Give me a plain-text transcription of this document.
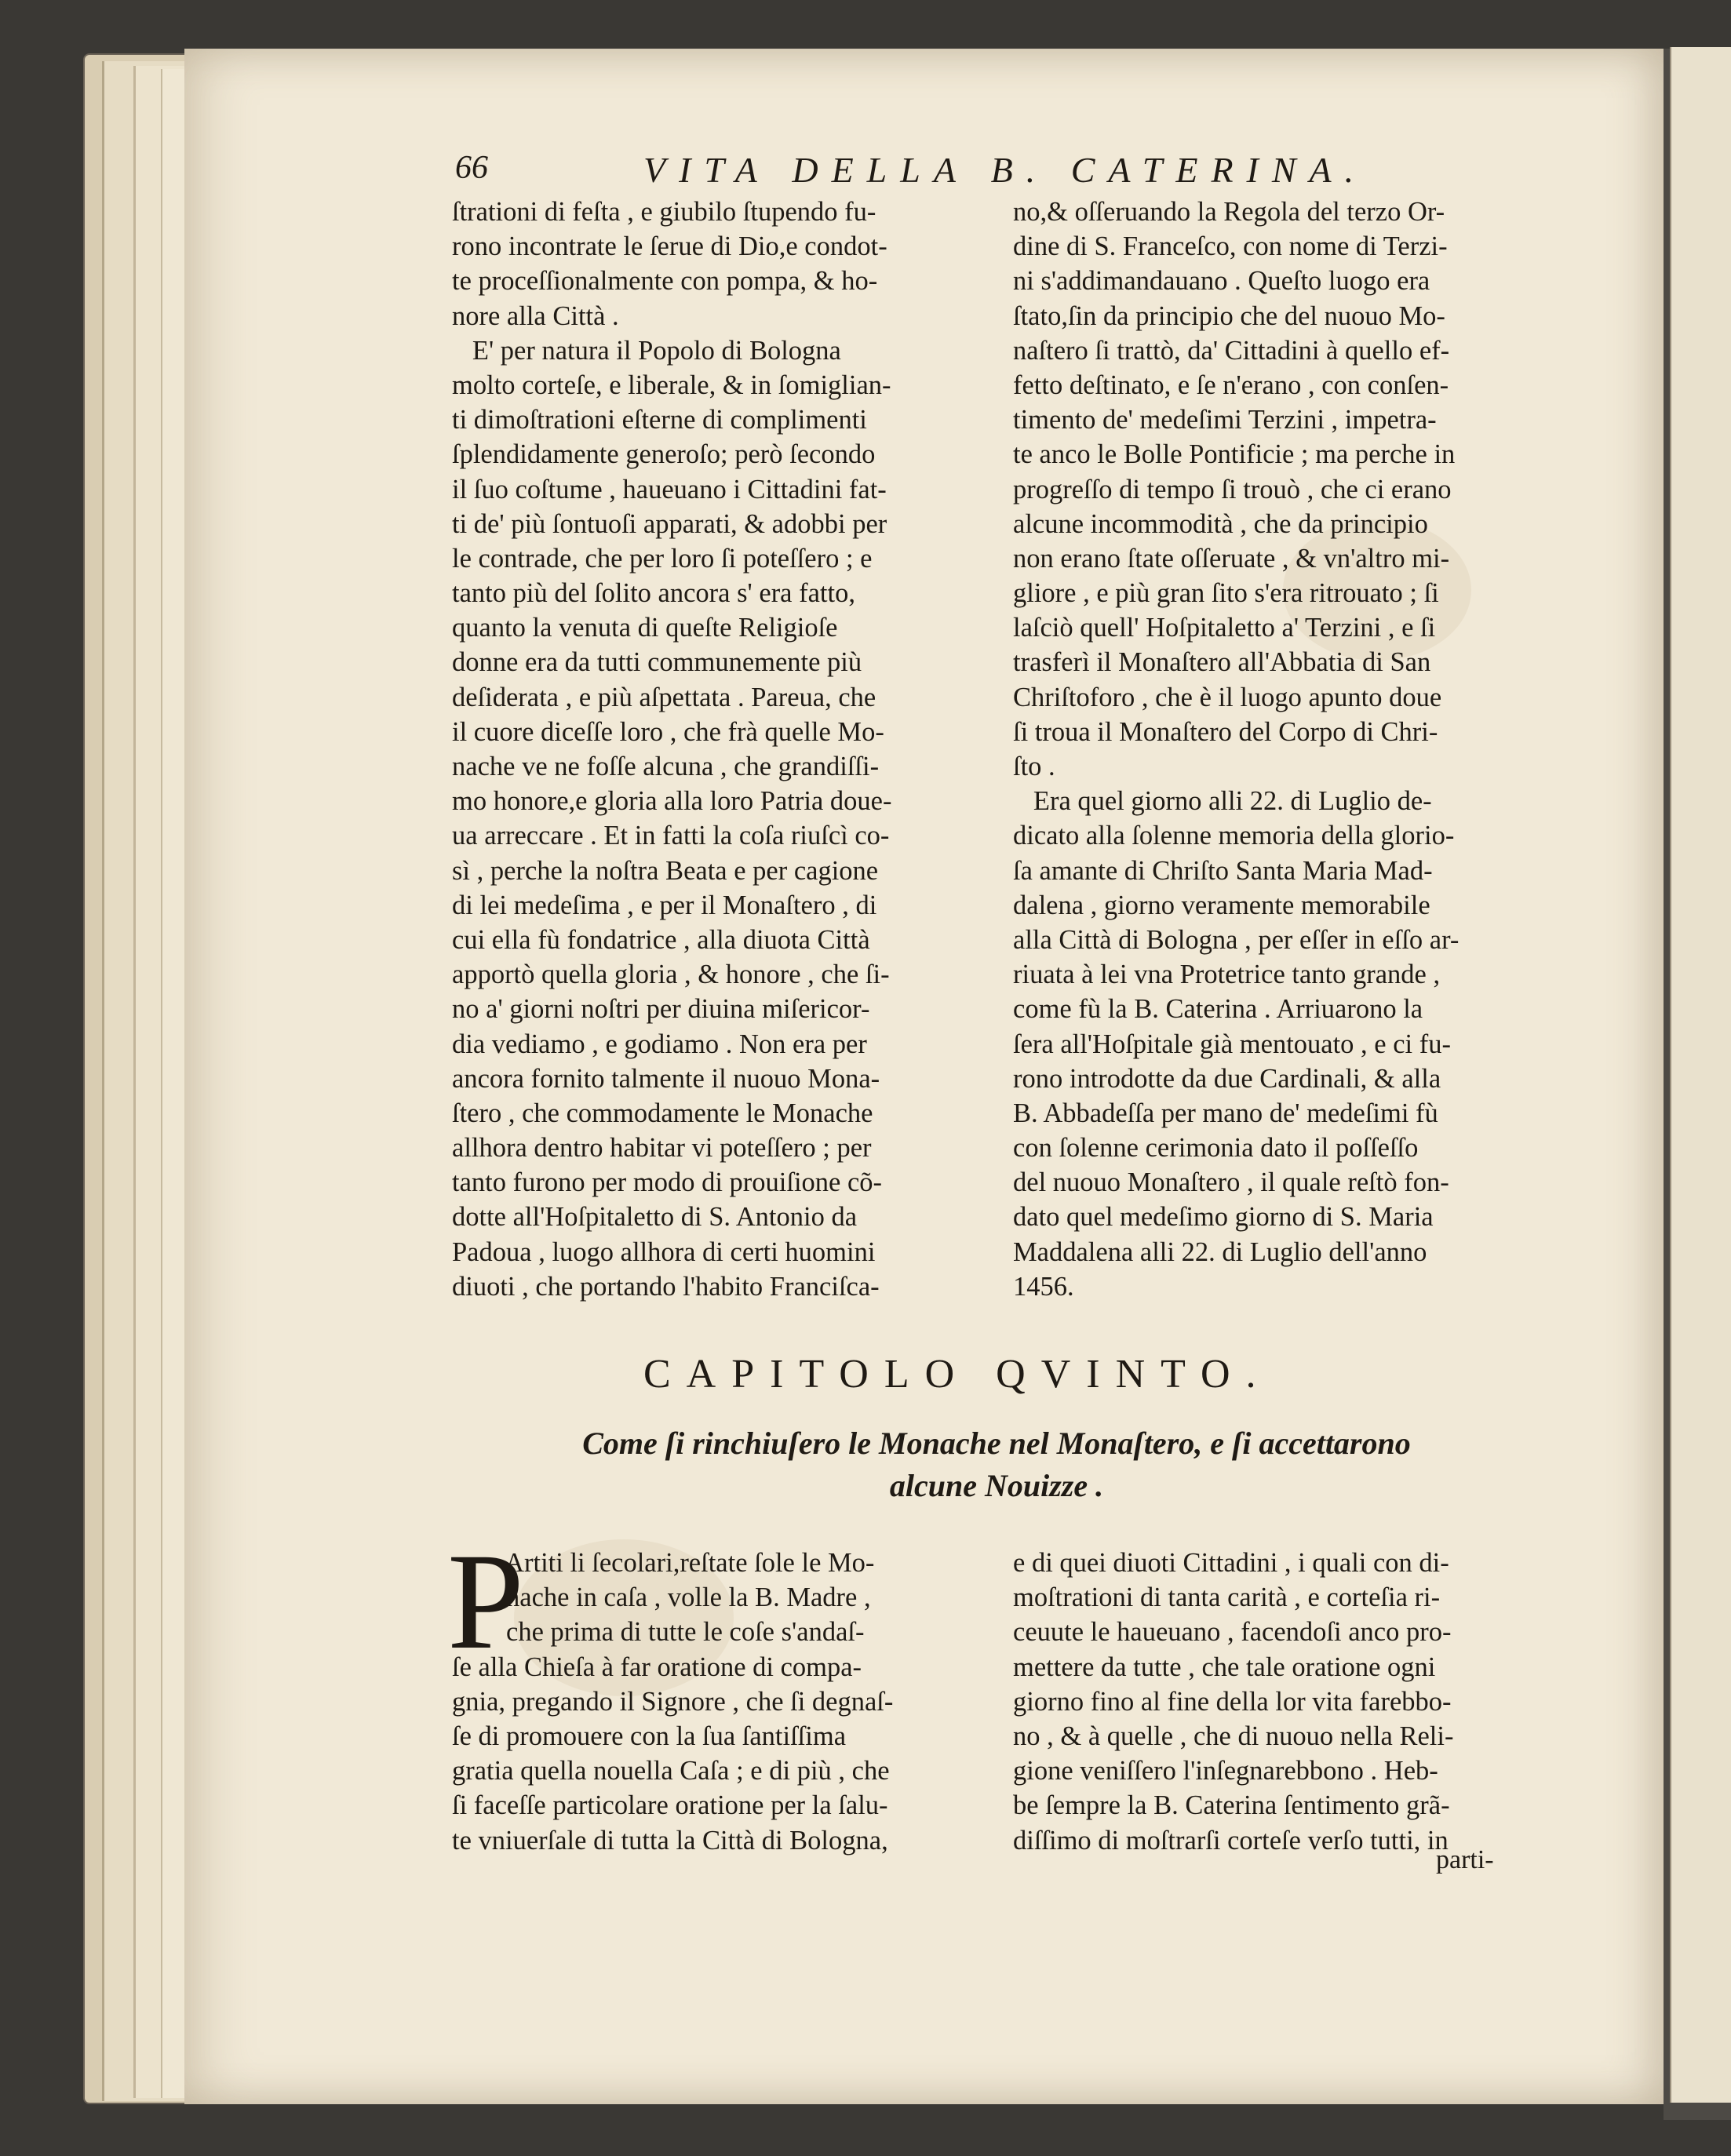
66	VITA DELLA B. CATERINA.
ſtrationi di feſta , e giubilo ſtupendo fu-
rono incontrate le ſerue di Dio,e condot-
te proceſſionalmente con pompa, & ho-
nore alla Città .
E' per natura il Popolo di Bologna
molto corteſe, e liberale, & in ſomiglian-
ti dimoſtrationi eſterne di complimenti
ſplendidamente generoſo; però ſecondo
il ſuo coſtume , haueuano i Cittadini fat-
ti de' più ſontuoſi apparati, & adobbi per
le contrade, che per loro ſi poteſſero ; e
tanto più del ſolito ancora s' era fatto,
quanto la venuta di queſte Religioſe
donne era da tutti communemente più
deſiderata , e più aſpettata . Pareua, che
il cuore diceſſe loro , che frà quelle Mo-
nache ve ne foſſe alcuna , che grandiſſi-
mo honore,e gloria alla loro Patria doue-
ua arreccare . Et in fatti la coſa riuſcì co-
sì , perche la noſtra Beata e per cagione
di lei medeſima , e per il Monaſtero , di
cui ella fù fondatrice , alla diuota Città
apportò quella gloria , & honore , che ſi-
no a' giorni noſtri per diuina miſericor-
dia vediamo , e godiamo . Non era per
ancora fornito talmente il nuouo Mona-
ſtero , che commodamente le Monache
allhora dentro habitar vi poteſſero ; per
tanto furono per modo di prouiſione cõ-
dotte all'Hoſpitaletto di S. Antonio da
Padoua , luogo allhora di certi huomini
diuoti , che portando l'habito Franciſca-
no,& oſſeruando la Regola del terzo Or-
dine di S. Franceſco, con nome di Terzi-
ni s'addimandauano . Queſto luogo era
ſtato,ſin da principio che del nuouo Mo-
naſtero ſi trattò, da' Cittadini à quello ef-
fetto deſtinato, e ſe n'erano , con conſen-
timento de' medeſimi Terzini , impetra-
te anco le Bolle Pontificie ; ma perche in
progreſſo di tempo ſi trouò , che ci erano
alcune incommodità , che da principio
non erano ſtate oſſeruate , & vn'altro mi-
gliore , e più gran ſito s'era ritrouato ; ſi
laſciò quell' Hoſpitaletto a' Terzini , e ſi
trasferì il Monaſtero all'Abbatia di San
Chriſtoforo , che è il luogo apunto doue
ſi troua il Monaſtero del Corpo di Chri-
ſto .
Era quel giorno alli 22. di Luglio de-
dicato alla ſolenne memoria della glorio-
ſa amante di Chriſto Santa Maria Mad-
dalena , giorno veramente memorabile
alla Città di Bologna , per eſſer in eſſo ar-
riuata à lei vna Protetrice tanto grande ,
come fù la B. Caterina . Arriuarono la
ſera all'Hoſpitale già mentouato , e ci fu-
rono introdotte da due Cardinali, & alla
B. Abbadeſſa per mano de' medeſimi fù
con ſolenne cerimonia dato il poſſeſſo
del nuouo Monaſtero , il quale reſtò fon-
dato quel medeſimo giorno di S. Maria
Maddalena alli 22. di Luglio dell'anno
1456.
CAPITOLO QVINTO.
Come ſi rinchiuſero le Monache nel Monaſtero, e ſi accettarono
alcune Nouizze .
P
Artiti li ſecolari,reſtate ſole le Mo-
nache in caſa , volle la B. Madre ,
che prima di tutte le coſe s'andaſ-
ſe alla Chieſa à far oratione di compa-
gnia, pregando il Signore , che ſi degnaſ-
ſe di promouere con la ſua ſantiſſima
gratia quella nouella Caſa ; e di più , che
ſi faceſſe particolare oratione per la ſalu-
te vniuerſale di tutta la Città di Bologna,
e di quei diuoti Cittadini , i quali con di-
moſtrationi di tanta carità , e corteſia ri-
ceuute le haueuano , facendoſi anco pro-
mettere da tutte , che tale oratione ogni
giorno fino al fine della lor vita farebbo-
no , & à quelle , che di nuouo nella Reli-
gione veniſſero l'inſegnarebbono . Heb-
be ſempre la B. Caterina ſentimento grã-
diſſimo di moſtrarſi corteſe verſo tutti, in
parti-
